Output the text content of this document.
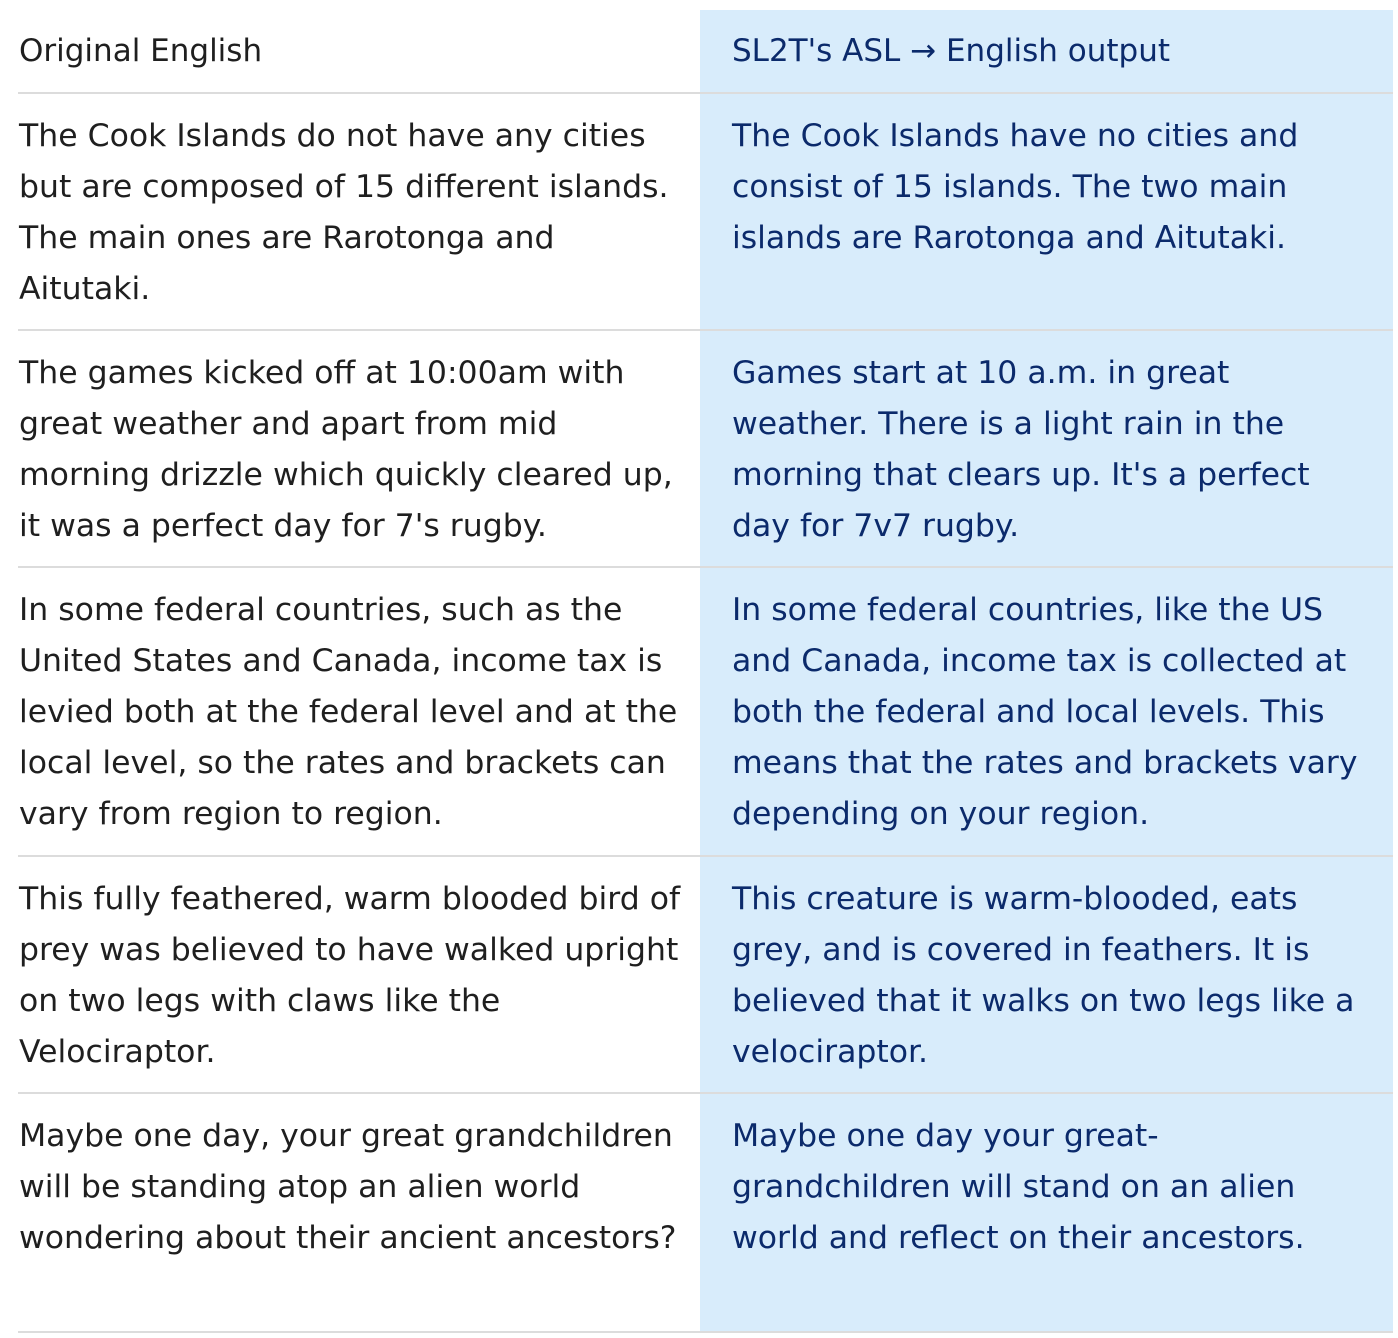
Original English	SL2T's ASL → English output
The Cook Islands do not have any cities but are composed of 15 different islands. The main ones are Rarotonga and Aitutaki.
The Cook Islands have no cities and consist of 15 islands. The two main islands are Rarotonga and Aitutaki.
The games kicked off at 10:00am with great weather and apart from mid morning drizzle which quickly cleared up, it was a perfect day for 7's rugby.
Games start at 10 a.m. in great weather. There is a light rain in the morning that clears up. It's a perfect day for 7v7 rugby.
In some federal countries, such as the United States and Canada, income tax is levied both at the federal level and at the local level, so the rates and brackets can vary from region to region.
In some federal countries, like the US and Canada, income tax is collected at both the federal and local levels. This means that the rates and brackets vary depending on your region.
This fully feathered, warm blooded bird of prey was believed to have walked upright on two legs with claws like the Velociraptor.
This creature is warm-blooded, eats grey, and is covered in feathers. It is believed that it walks on two legs like a velociraptor.
Maybe one day, your great grandchildren will be standing atop an alien world wondering about their ancient ancestors?
Maybe one day your great-grandchildren will stand on an alien world and reflect on their ancestors.
